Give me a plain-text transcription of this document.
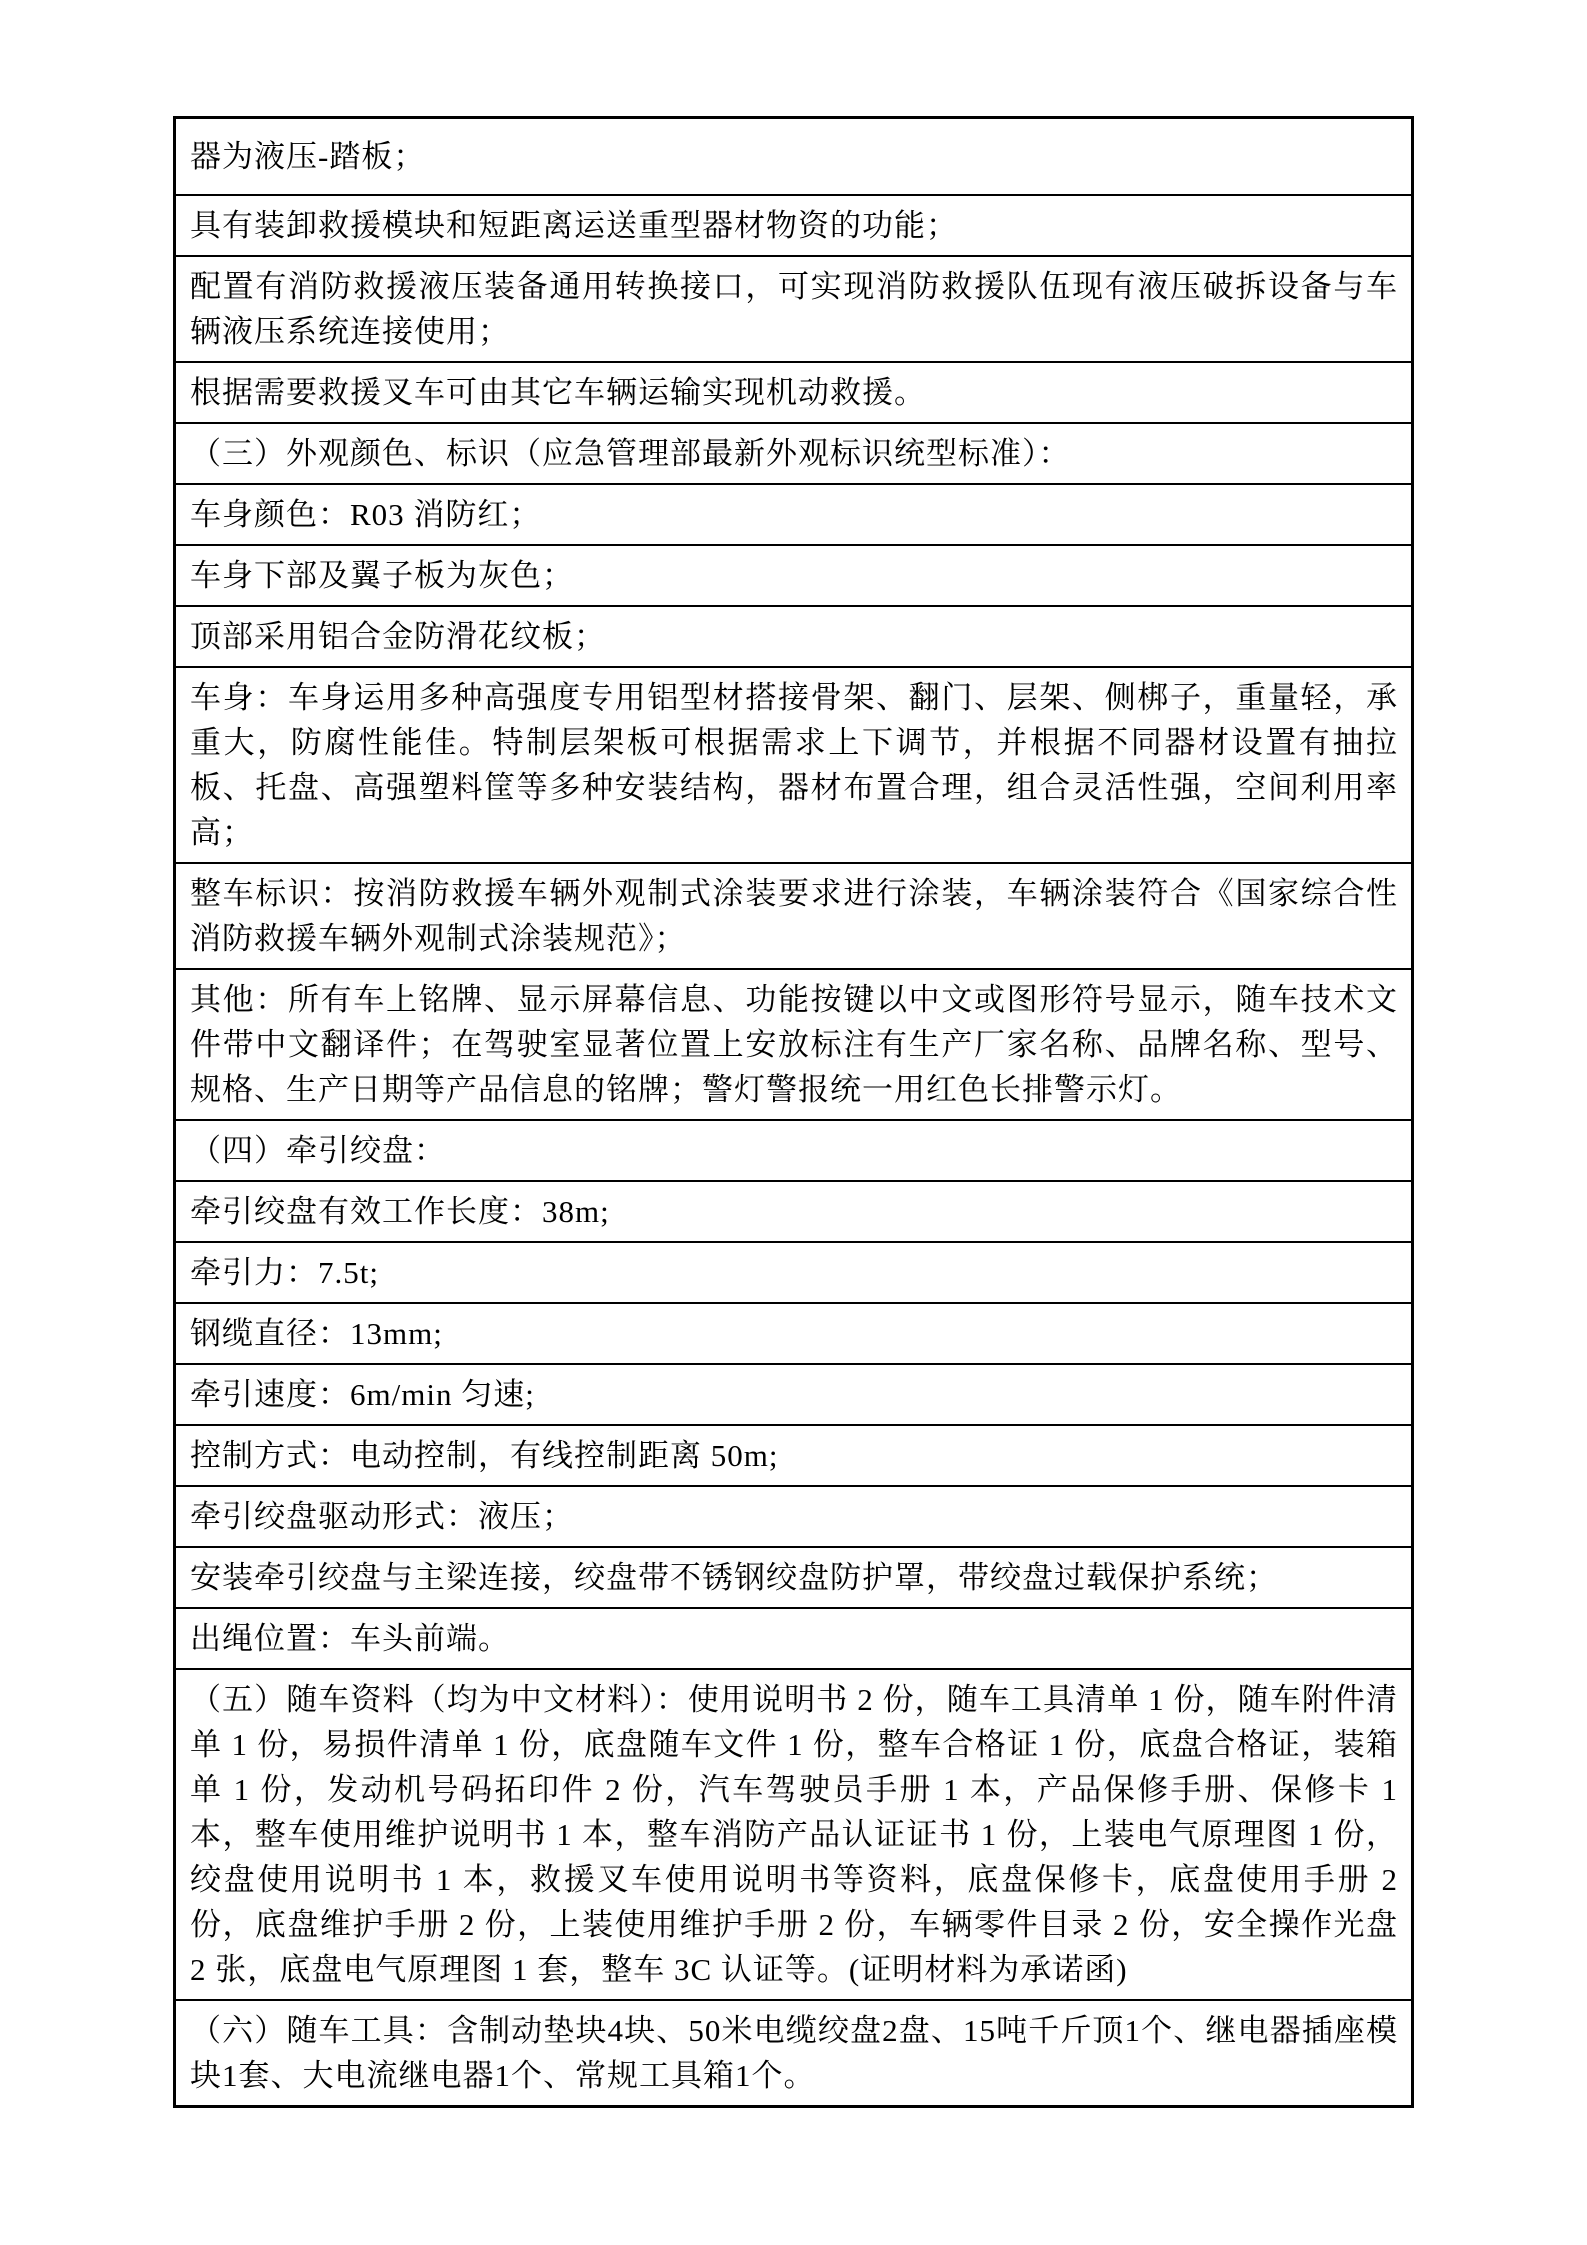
器为液压-踏板；
具有装卸救援模块和短距离运送重型器材物资的功能；
配置有消防救援液压装备通用转换接口，可实现消防救援队伍现有液压破拆设备与车辆液压系统连接使用；
根据需要救援叉车可由其它车辆运输实现机动救援。
（三）外观颜色、标识（应急管理部最新外观标识统型标准）：
车身颜色：R03 消防红；
车身下部及翼子板为灰色；
顶部采用铝合金防滑花纹板；
车身：车身运用多种高强度专用铝型材搭接骨架、翻门、层架、侧梆子，重量轻，承重大，防腐性能佳。特制层架板可根据需求上下调节，并根据不同器材设置有抽拉板、托盘、高强塑料筐等多种安装结构，器材布置合理，组合灵活性强，空间利用率高；
整车标识：按消防救援车辆外观制式涂装要求进行涂装，车辆涂装符合《国家综合性消防救援车辆外观制式涂装规范》；
其他：所有车上铭牌、显示屏幕信息、功能按键以中文或图形符号显示，随车技术文件带中文翻译件；在驾驶室显著位置上安放标注有生产厂家名称、品牌名称、型号、规格、生产日期等产品信息的铭牌；警灯警报统一用红色长排警示灯。
（四）牵引绞盘：
牵引绞盘有效工作长度：38m;
牵引力：7.5t;
钢缆直径：13mm;
牵引速度：6m/min 匀速;
控制方式：电动控制，有线控制距离 50m;
牵引绞盘驱动形式：液压；
安装牵引绞盘与主梁连接，绞盘带不锈钢绞盘防护罩，带绞盘过载保护系统；
出绳位置：车头前端。
（五）随车资料（均为中文材料）：使用说明书 2 份，随车工具清单 1 份，随车附件清单 1 份，易损件清单 1 份，底盘随车文件 1 份，整车合格证 1 份，底盘合格证，装箱单 1 份，发动机号码拓印件 2 份，汽车驾驶员手册 1 本，产品保修手册、保修卡 1 本，整车使用维护说明书 1 本，整车消防产品认证证书 1 份，上装电气原理图 1 份，绞盘使用说明书 1 本，救援叉车使用说明书等资料，底盘保修卡，底盘使用手册 2 份，底盘维护手册 2 份，上装使用维护手册 2 份，车辆零件目录 2 份，安全操作光盘 2 张，底盘电气原理图 1 套，整车 3C 认证等。(证明材料为承诺函)
（六）随车工具：含制动垫块4块、50米电缆绞盘2盘、15吨千斤顶1个、继电器插座模块1套、大电流继电器1个、常规工具箱1个。
